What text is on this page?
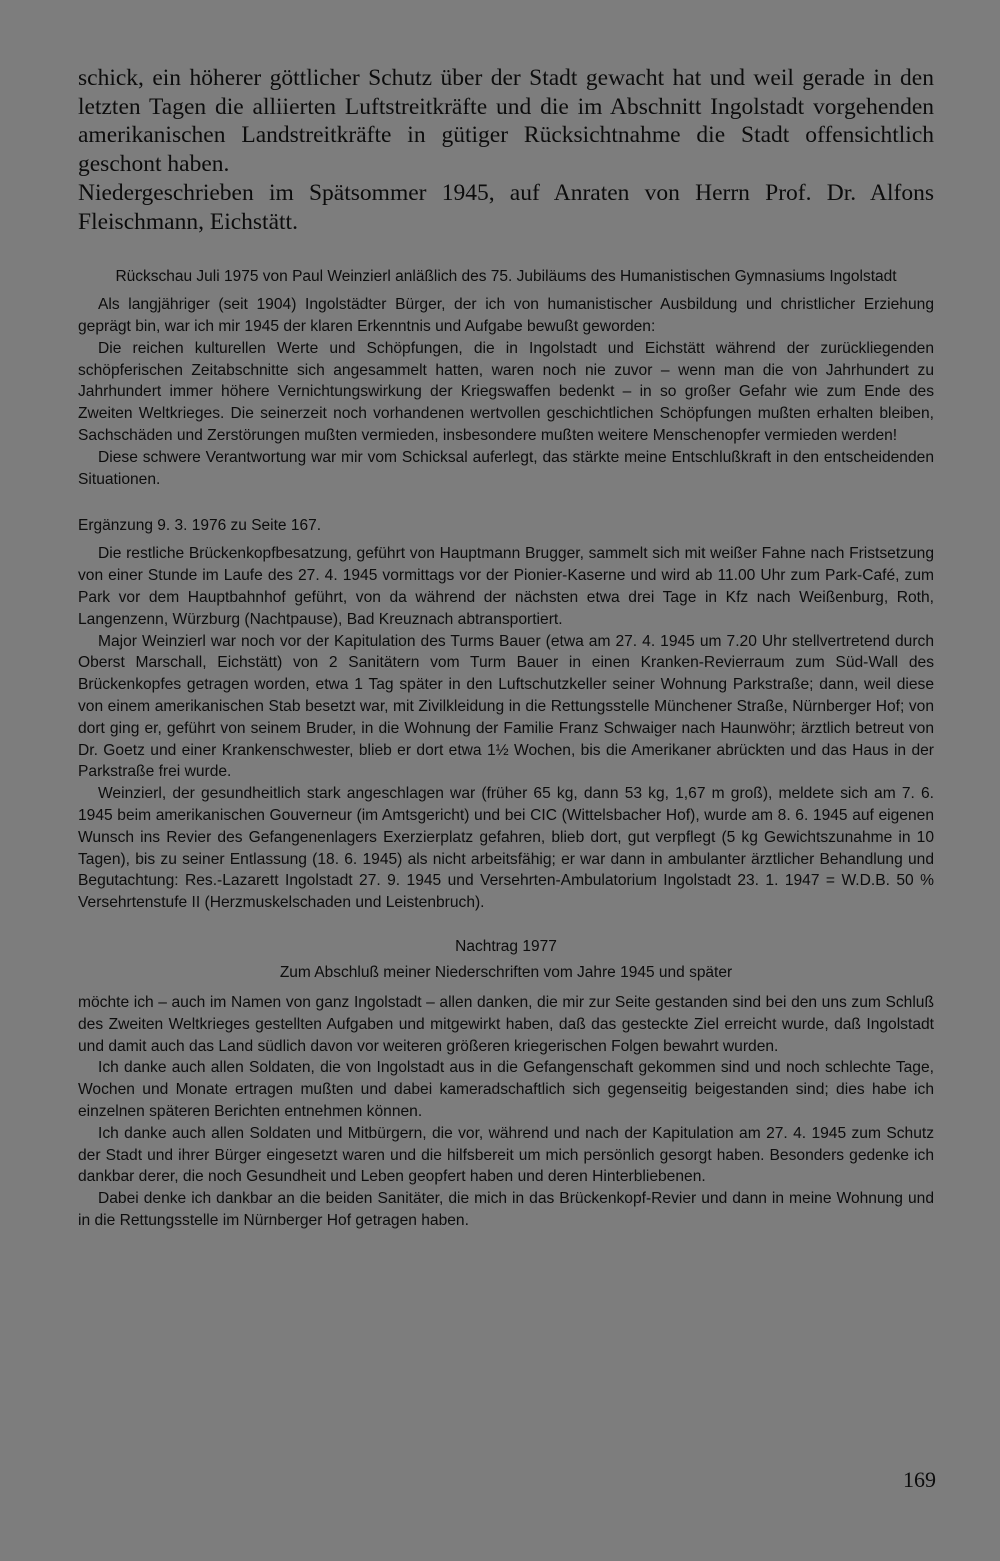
schick, ein höherer göttlicher Schutz über der Stadt gewacht hat und weil gerade in den letzten Tagen die alliierten Luftstreitkräfte und die im Abschnitt Ingolstadt vorgehenden amerikanischen Landstreitkräfte in gütiger Rücksichtnahme die Stadt offensichtlich geschont haben.

Niedergeschrieben im Spätsommer 1945, auf Anraten von Herrn Prof. Dr. Alfons Fleischmann, Eichstätt.

Rückschau Juli 1975 von Paul Weinzierl anläßlich des 75. Jubiläums des Humanistischen Gymnasiums Ingolstadt

Als langjähriger (seit 1904) Ingolstädter Bürger, der ich von humanistischer Ausbildung und christlicher Erziehung geprägt bin, war ich mir 1945 der klaren Erkenntnis und Aufgabe bewußt geworden:

Die reichen kulturellen Werte und Schöpfungen, die in Ingolstadt und Eichstätt während der zurückliegenden schöpferischen Zeitabschnitte sich angesammelt hatten, waren noch nie zuvor – wenn man die von Jahrhundert zu Jahrhundert immer höhere Vernichtungswirkung der Kriegswaffen bedenkt – in so großer Gefahr wie zum Ende des Zweiten Weltkrieges. Die seinerzeit noch vorhandenen wertvollen geschichtlichen Schöpfungen mußten erhalten bleiben, Sachschäden und Zerstörungen mußten vermieden, insbesondere mußten weitere Menschenopfer vermieden werden!

Diese schwere Verantwortung war mir vom Schicksal auferlegt, das stärkte meine Entschlußkraft in den entscheidenden Situationen.

Ergänzung 9. 3. 1976 zu Seite 167.

Die restliche Brückenkopfbesatzung, geführt von Hauptmann Brugger, sammelt sich mit weißer Fahne nach Fristsetzung von einer Stunde im Laufe des 27. 4. 1945 vormittags vor der Pionier-Kaserne und wird ab 11.00 Uhr zum Park-Café, zum Park vor dem Hauptbahnhof geführt, von da während der nächsten etwa drei Tage in Kfz nach Weißenburg, Roth, Langenzenn, Würzburg (Nachtpause), Bad Kreuznach abtransportiert.

Major Weinzierl war noch vor der Kapitulation des Turms Bauer (etwa am 27. 4. 1945 um 7.20 Uhr stellvertretend durch Oberst Marschall, Eichstätt) von 2 Sanitätern vom Turm Bauer in einen Kranken-Revierraum zum Süd-Wall des Brückenkopfes getragen worden, etwa 1 Tag später in den Luftschutzkeller seiner Wohnung Parkstraße; dann, weil diese von einem amerikanischen Stab besetzt war, mit Zivilkleidung in die Rettungsstelle Münchener Straße, Nürnberger Hof; von dort ging er, geführt von seinem Bruder, in die Wohnung der Familie Franz Schwaiger nach Haunwöhr; ärztlich betreut von Dr. Goetz und einer Krankenschwester, blieb er dort etwa 1½ Wochen, bis die Amerikaner abrückten und das Haus in der Parkstraße frei wurde.

Weinzierl, der gesundheitlich stark angeschlagen war (früher 65 kg, dann 53 kg, 1,67 m groß), meldete sich am 7. 6. 1945 beim amerikanischen Gouverneur (im Amtsgericht) und bei CIC (Wittelsbacher Hof), wurde am 8. 6. 1945 auf eigenen Wunsch ins Revier des Gefangenenlagers Exerzierplatz gefahren, blieb dort, gut verpflegt (5 kg Gewichtszunahme in 10 Tagen), bis zu seiner Entlassung (18. 6. 1945) als nicht arbeitsfähig; er war dann in ambulanter ärztlicher Behandlung und Begutachtung: Res.-Lazarett Ingolstadt 27. 9. 1945 und Versehrten-Ambulatorium Ingolstadt 23. 1. 1947 = W.D.B. 50 % Versehrtenstufe II (Herzmuskelschaden und Leistenbruch).

Nachtrag 1977
Zum Abschluß meiner Niederschriften vom Jahre 1945 und später

möchte ich – auch im Namen von ganz Ingolstadt – allen danken, die mir zur Seite gestanden sind bei den uns zum Schluß des Zweiten Weltkrieges gestellten Aufgaben und mitgewirkt haben, daß das gesteckte Ziel erreicht wurde, daß Ingolstadt und damit auch das Land südlich davon vor weiteren größeren kriegerischen Folgen bewahrt wurden.

Ich danke auch allen Soldaten, die von Ingolstadt aus in die Gefangenschaft gekommen sind und noch schlechte Tage, Wochen und Monate ertragen mußten und dabei kameradschaftlich sich gegenseitig beigestanden sind; dies habe ich einzelnen späteren Berichten entnehmen können.

Ich danke auch allen Soldaten und Mitbürgern, die vor, während und nach der Kapitulation am 27. 4. 1945 zum Schutz der Stadt und ihrer Bürger eingesetzt waren und die hilfsbereit um mich persönlich gesorgt haben. Besonders gedenke ich dankbar derer, die noch Gesundheit und Leben geopfert haben und deren Hinterbliebenen.

Dabei denke ich dankbar an die beiden Sanitäter, die mich in das Brückenkopf-Revier und dann in meine Wohnung und in die Rettungsstelle im Nürnberger Hof getragen haben.

169
